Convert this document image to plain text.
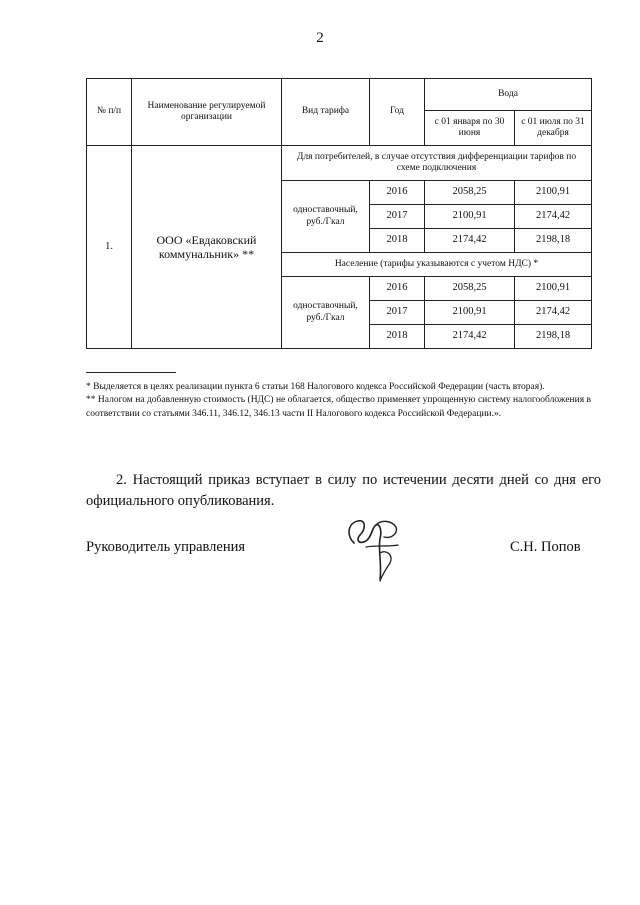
2
№ п/п	Наименование регулируемой организации	Вид тарифа	Год	Вода	
				с 01 января по 30 июня	с 01 июля по 31 декабря
1.	ООО «Евдаковский коммунальник» **	Для потребителей, в случае отсутствия дифференциации тарифов по схеме подключения			
		одноставочный, руб./Гкал	2016	2058,25	2100,91
			2017	2100,91	2174,42
			2018	2174,42	2198,18
		Население (тарифы указываются с учетом НДС) *			
		одноставочный, руб./Гкал	2016	2058,25	2100,91
			2017	2100,91	2174,42
			2018	2174,42	2198,18

* Выделяется в целях реализации пункта 6 статьи 168 Налогового кодекса Российской Федерации (часть вторая).

** Налогом на добавленную стоимость (НДС) не облагается, общество применяет упрощенную систему налогообложения в соответствии со статьями 346.11, 346.12, 346.13 части II Налогового кодекса Российской Федерации.».

2. Настоящий приказ вступает в силу по истечении десяти дней со дня его официального опубликования.
Руководитель управления	С.Н. Попов
